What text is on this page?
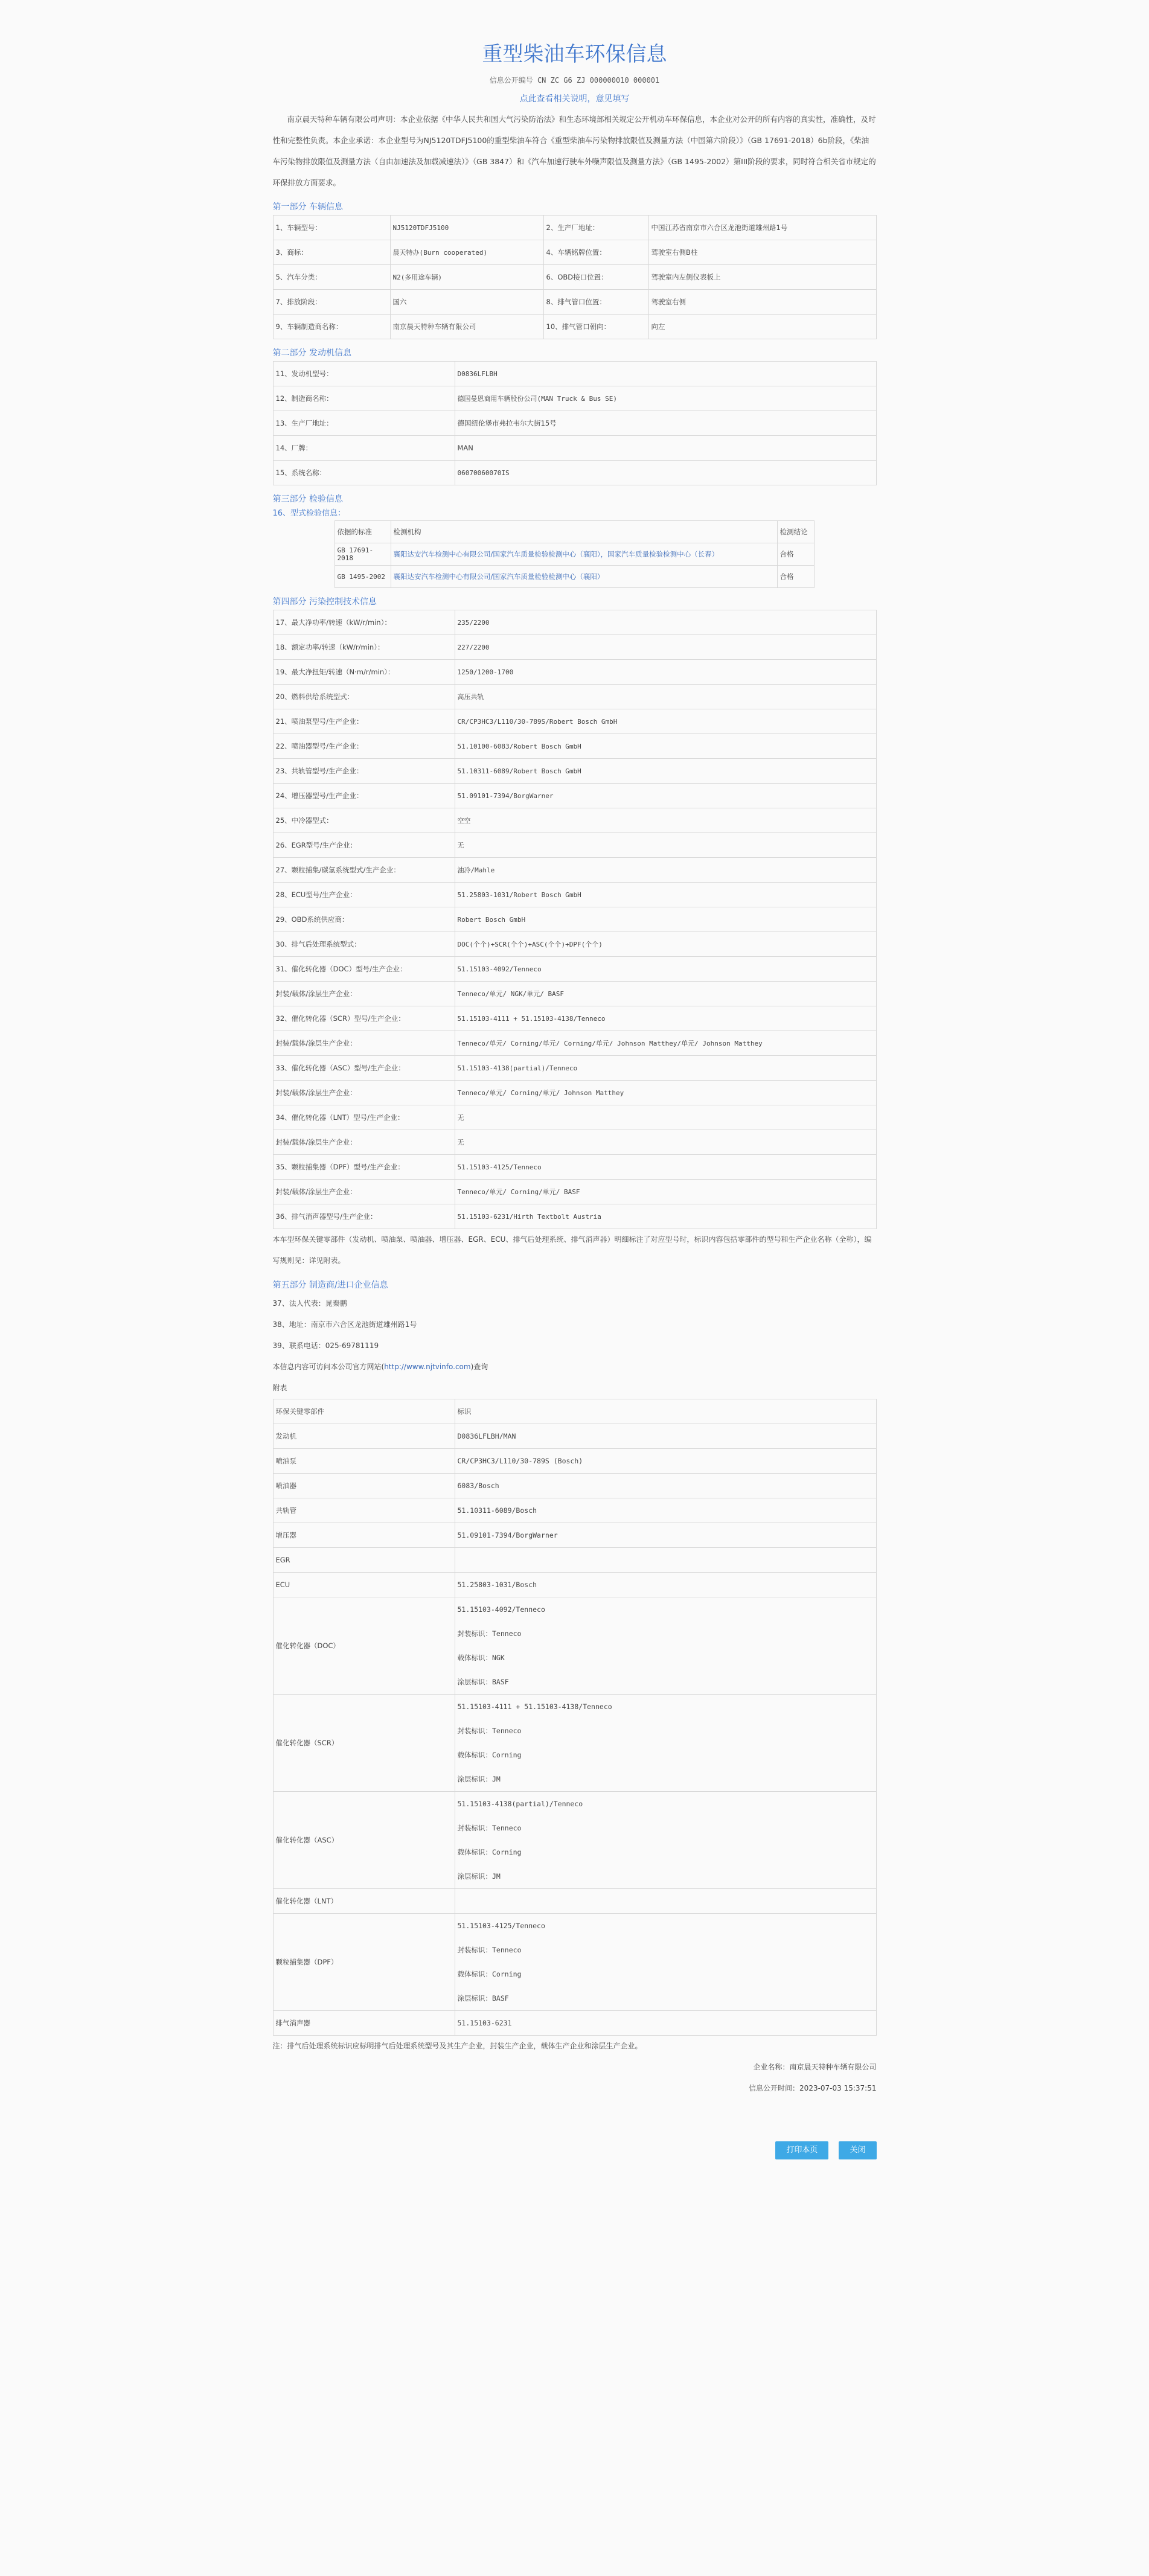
重型柴油车环保信息
信息公开编号 CN ZC G6 ZJ 000000010 000001
点此查看相关说明，意见填写
南京晨天特种车辆有限公司声明：本企业依据《中华人民共和国大气污染防治法》和生态环境部相关规定公开机动车环保信息，本企业对公开的所有内容的真实性，准确性，及时性和完整性负责。本企业承诺：本企业型号为NJ5120TDFJ5100的重型柴油车符合《重型柴油车污染物排放限值及测量方法（中国第六阶段）》（GB 17691-2018）6b阶段，《柴油车污染物排放限值及测量方法（自由加速法及加载减速法）》（GB 3847）和《汽车加速行驶车外噪声限值及测量方法》（GB 1495-2002）第III阶段的要求，同时符合相关省市规定的环保排放方面要求。
第一部分 车辆信息
1、车辆型号：	NJ5120TDFJ5100	2、生产厂地址：	中国江苏省南京市六合区龙池街道雄州路1号
3、商标：	晨天特办(Burn cooperated)	4、车辆铭牌位置：	驾驶室右侧B柱
5、汽车分类：	N2(多用途车辆)	6、OBD接口位置：	驾驶室内左侧仪表板上
7、排放阶段：	国六	8、排气管口位置：	驾驶室右侧
9、车辆制造商名称：	南京晨天特种车辆有限公司	10、排气管口朝向：	向左
第二部分 发动机信息
11、发动机型号：	D0836LFLBH
12、制造商名称：	德国曼恩商用车辆股份公司(MAN Truck & Bus SE)
13、生产厂地址：	德国纽伦堡市弗拉韦尔大街15号
14、厂牌：	MAN
15、系统名称：	06070060070IS
第三部分 检验信息
16、型式检验信息：
依据的标准	检测机构	检测结论
GB 17691-2018	襄阳达安汽车检测中心有限公司/国家汽车质量检验检测中心（襄阳），国家汽车质量检验检测中心（长春）	合格
GB 1495-2002	襄阳达安汽车检测中心有限公司/国家汽车质量检验检测中心（襄阳）	合格
第四部分 污染控制技术信息
17、最大净功率/转速（kW/r/min）：	235/2200
18、额定功率/转速（kW/r/min）：	227/2200
19、最大净扭矩/转速（N·m/r/min）：	1250/1200-1700
20、燃料供给系统型式：	高压共轨
21、喷油泵型号/生产企业：	CR/CP3HC3/L110/30-789S/Robert Bosch GmbH
22、喷油器型号/生产企业：	51.10100-6083/Robert Bosch GmbH
23、共轨管型号/生产企业：	51.10311-6089/Robert Bosch GmbH
24、增压器型号/生产企业：	51.09101-7394/BorgWarner
25、中冷器型式：	空空
26、EGR型号/生产企业：	无
27、颗粒捕集/碳氢系统型式/生产企业：	油冷/Mahle
28、ECU型号/生产企业：	51.25803-1031/Robert Bosch GmbH
29、OBD系统供应商：	Robert Bosch GmbH
30、排气后处理系统型式：	DOC(个个)+SCR(个个)+ASC(个个)+DPF(个个)
31、催化转化器（DOC）型号/生产企业：	51.15103-4092/Tenneco
封装/载体/涂层生产企业：	Tenneco/单元/ NGK/单元/ BASF
32、催化转化器（SCR）型号/生产企业：	51.15103-4111 + 51.15103-4138/Tenneco
封装/载体/涂层生产企业：	Tenneco/单元/ Corning/单元/ Corning/单元/ Johnson Matthey/单元/ Johnson Matthey
33、催化转化器（ASC）型号/生产企业：	51.15103-4138(partial)/Tenneco
封装/载体/涂层生产企业：	Tenneco/单元/ Corning/单元/ Johnson Matthey
34、催化转化器（LNT）型号/生产企业：	无
封装/载体/涂层生产企业：	无
35、颗粒捕集器（DPF）型号/生产企业：	51.15103-4125/Tenneco
封装/载体/涂层生产企业：	Tenneco/单元/ Corning/单元/ BASF
36、排气消声器型号/生产企业：	51.15103-6231/Hirth Textbolt Austria
本车型环保关键零部件（发动机、喷油泵、喷油器、增压器、EGR、ECU、排气后处理系统、排气消声器）明细标注了对应型号时，标识内容包括零部件的型号和生产企业名称（全称），编写规则见：详见附表。
第五部分 制造商/进口企业信息
37、法人代表：晁秦鹏
38、地址：南京市六合区龙池街道雄州路1号
39、联系电话：025-69781119
本信息内容可访问本公司官方网站(http://www.njtvinfo.com)查询
附表
环保关键零部件	标识

发动机	D0836LFLBH/MAN

喷油泵	CR/CP3HC3/L110/30-789S (Bosch)

喷油器	6083/Bosch

共轨管	51.10311-6089/Bosch

增压器	51.09101-7394/BorgWarner

EGR	

ECU	51.25803-1031/Bosch

催化转化器（DOC）	51.15103-4092/Tenneco
封装标识：Tenneco
载体标识：NGK
涂层标识：BASF

催化转化器（SCR）	51.15103-4111 + 51.15103-4138/Tenneco
封装标识：Tenneco
载体标识：Corning
涂层标识：JM

催化转化器（ASC）	51.15103-4138(partial)/Tenneco
封装标识：Tenneco
载体标识：Corning
涂层标识：JM

催化转化器（LNT）	

颗粒捕集器（DPF）	51.15103-4125/Tenneco
封装标识：Tenneco
载体标识：Corning
涂层标识：BASF

排气消声器	51.15103-6231
注：排气后处理系统标识应标明排气后处理系统型号及其生产企业，封装生产企业，载体生产企业和涂层生产企业。
企业名称：南京晨天特种车辆有限公司
信息公开时间：2023-07-03 15:37:51
打印本页	关闭
